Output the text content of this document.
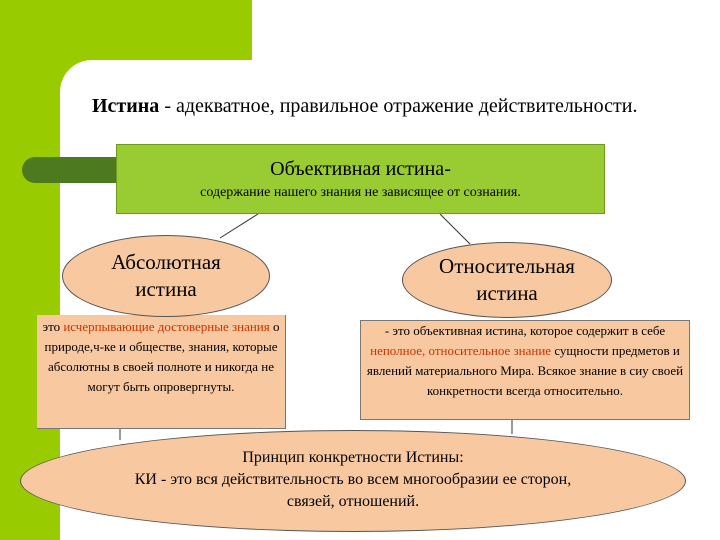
Истина - адекватное, правильное отражение действительности.
Объективная истина-
содержание нашего знания не зависящее от сознания.
это исчерпывающие достоверные знания о природе,ч-ке и обществе, знания, которые абсолютны в своей полноте и никогда не могут быть опровергнуты.
Абсолютная
истина
Относительная
истина
- это объективная истина, которое содержит в себе неполное, относительное знание сущности предметов и явлений материального Мира. Всякое знание в сиу своей конкретности всегда относительно.
Принцип конкретности Истины:
КИ - это вся действительность во всем многообразии ее сторон,
связей, отношений.
